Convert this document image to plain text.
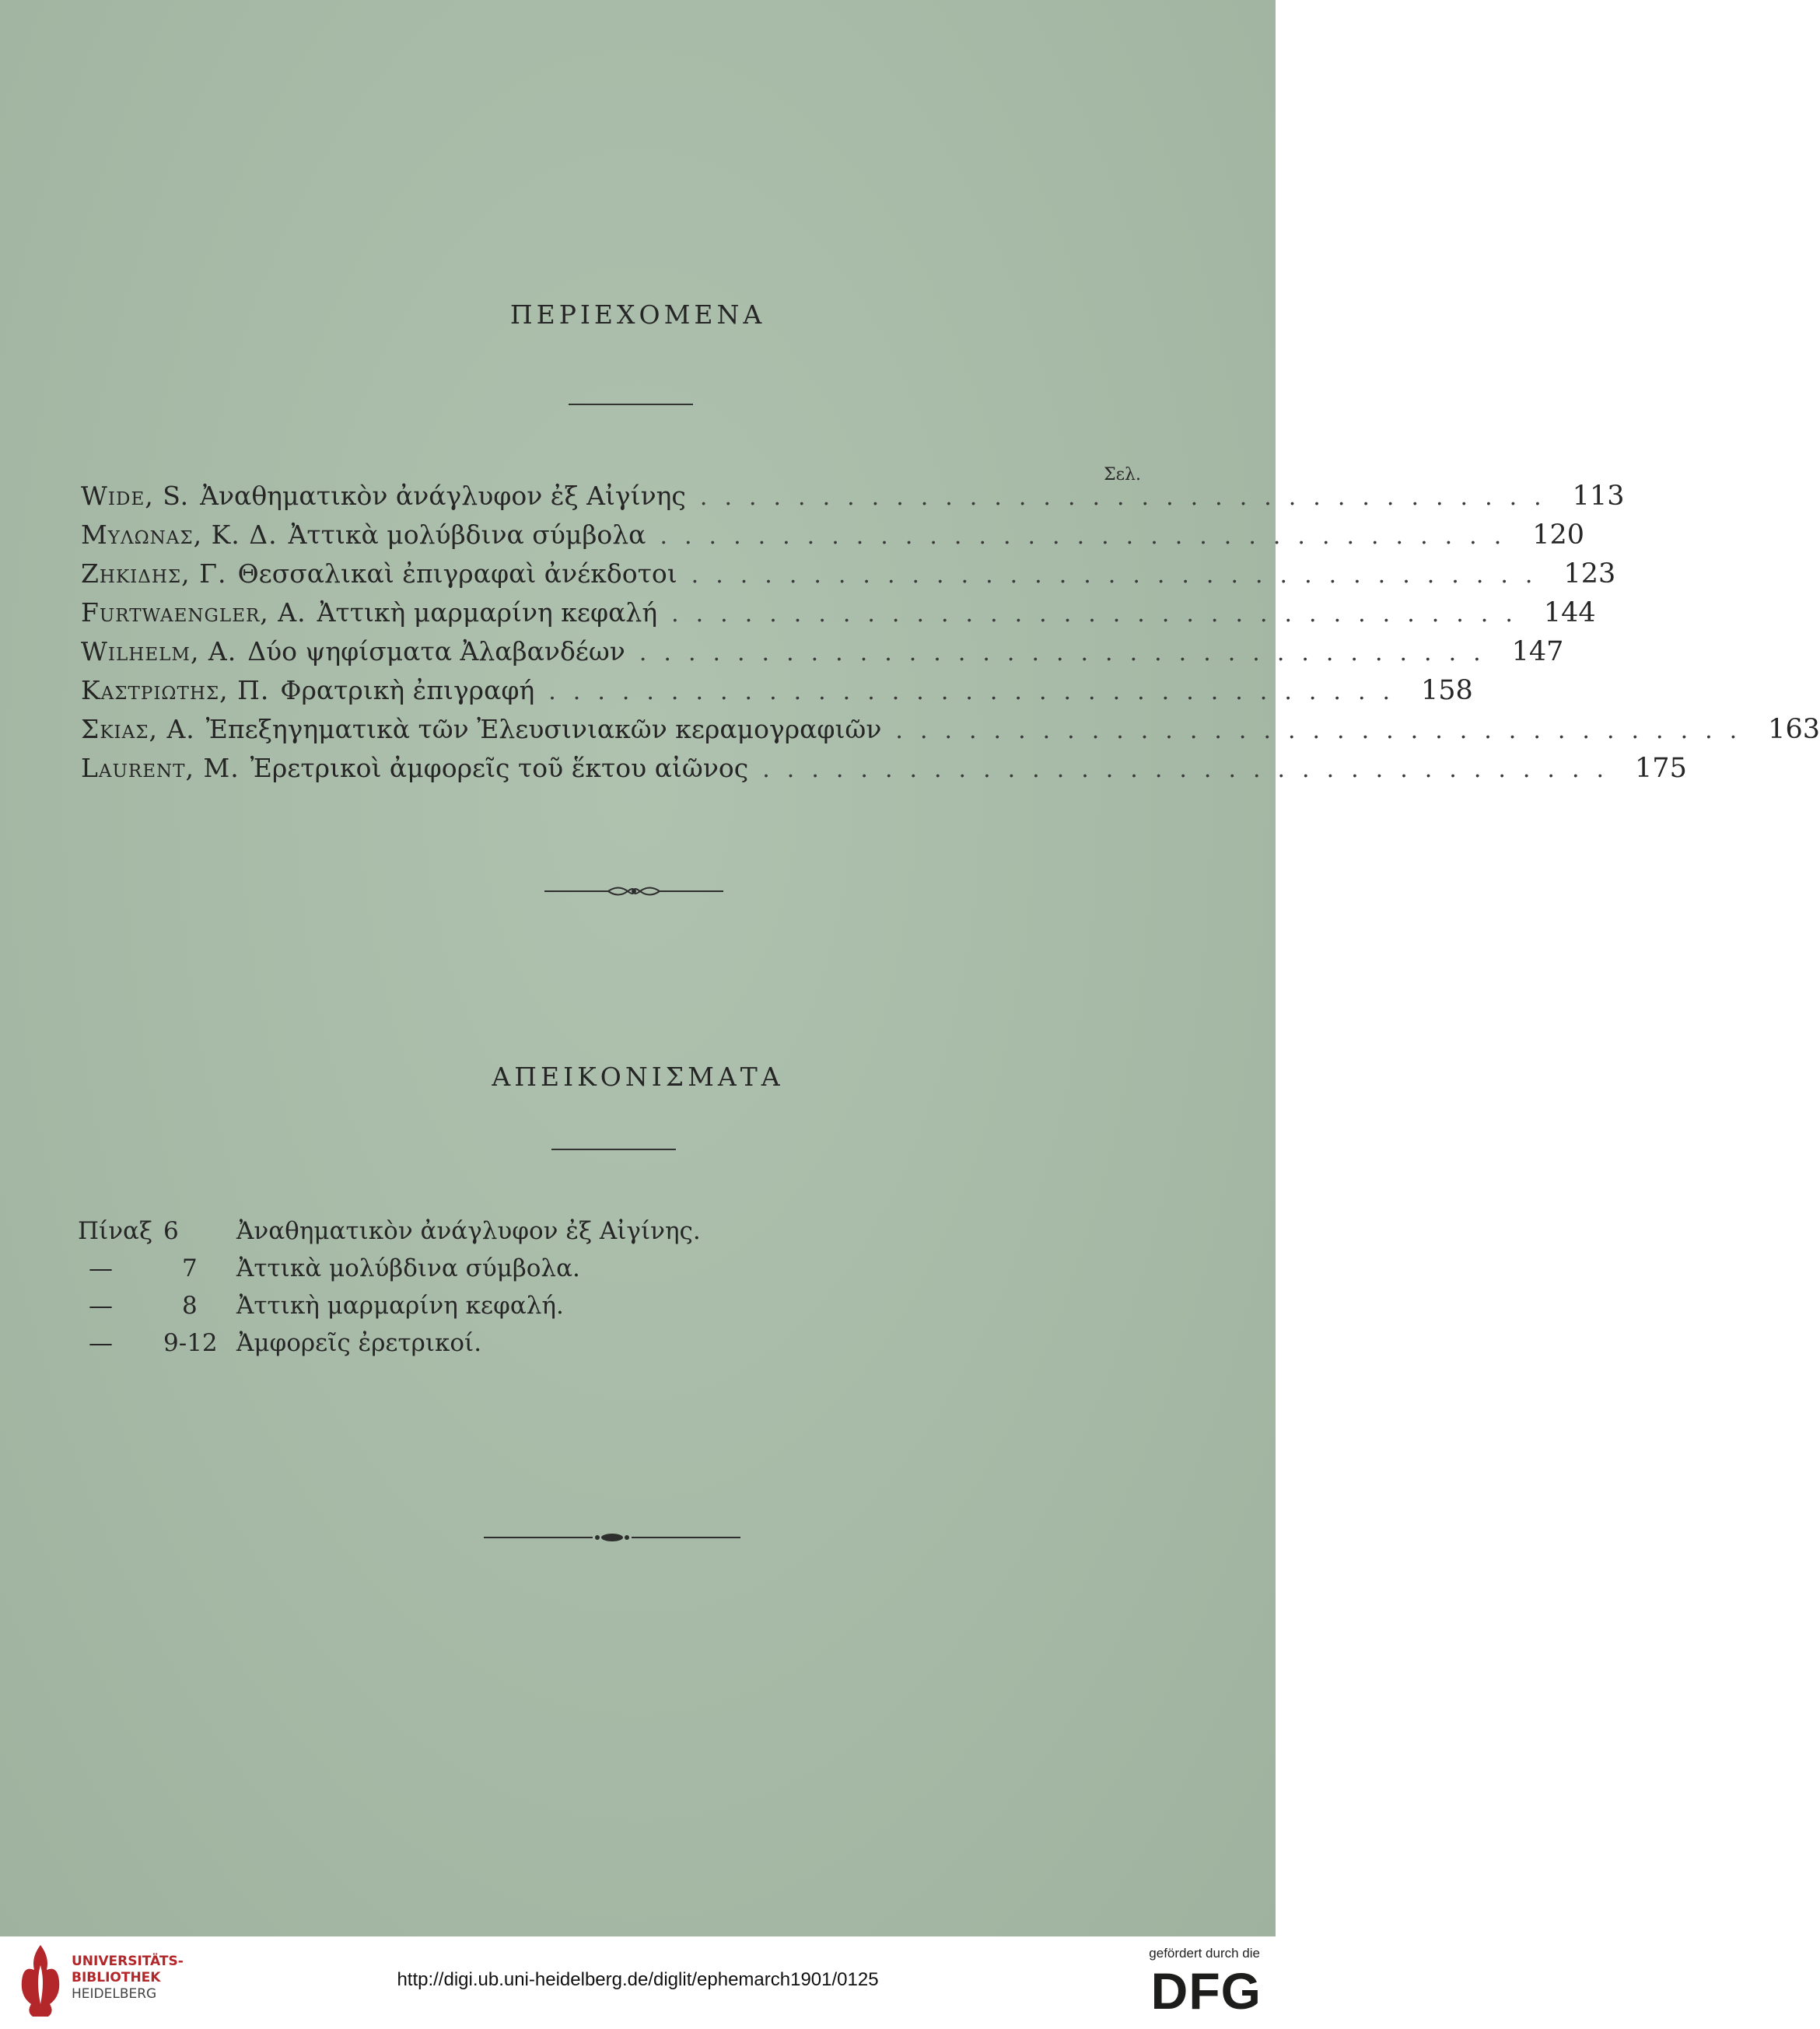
ΠΕΡΙΕΧΟΜΕΝΑ
Σελ.
Wide, S. Ἀναθηματικὸν ἀνάγλυφον ἐξ Αἰγίνης ................................... 113
Μυλωνας, Κ. Δ. Ἀττικὰ μολύβδινα σύμβολα ................................... 120
Ζηκιδης, Γ. Θεσσαλικαὶ ἐπιγραφαὶ ἀνέκδοτοι ................................... 123
Furtwaengler, A. Ἀττικὴ μαρμαρίνη κεφαλή ................................... 144
Wilhelm, A. Δύο ψηφίσματα Ἀλαβανδέων ................................... 147
Καστριωτης, Π. Φρατρικὴ ἐπιγραφή ................................... 158
Σκιας, Α. Ἐπεξηγηματικὰ τῶν Ἐλευσινιακῶν κεραμογραφιῶν ................................... 163
Laurent, M. Ἐρετρικοὶ ἀμφορεῖς τοῦ ἕκτου αἰῶνος ................................... 175
ΑΠΕΙΚΟΝΙΣΜΑΤΑ
Πίναξ 6	Ἀναθηματικὸν ἀνάγλυφον ἐξ Αἰγίνης.
—	7	Ἀττικὰ μολύβδινα σύμβολα.
—	8	Ἀττικὴ μαρμαρίνη κεφαλή.
—	9-12 Ἀμφορεῖς ἐρετρικοί.
UNIVERSITÄTS-
BIBLIOTHEK
HEIDELBERG
http://digi.ub.uni-heidelberg.de/diglit/ephemarch1901/0125
gefördert durch die
DFG
